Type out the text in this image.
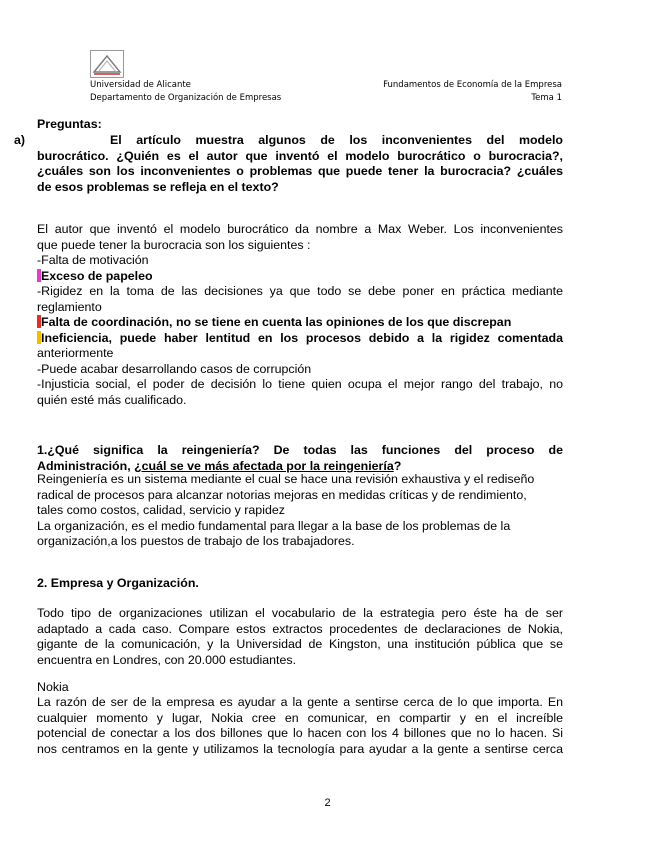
Universidad de Alicante
Departamento de Organización de Empresas
Fundamentos de Economía de la Empresa
Tema 1
Preguntas:
a)	El artículo muestra algunos de los inconvenientes del modelo
burocrático. ¿Quién es el autor que inventó el modelo burocrático o burocracia?,
¿cuáles son los inconvenientes o problemas que puede tener la burocracia? ¿cuáles
de esos problemas se refleja en el texto?
El autor que inventó el modelo burocrático da nombre a Max Weber. Los inconvenientes
que puede tener la burocracia son los siguientes :
-Falta de motivación
Exceso de papeleo
-Rigidez en la toma de las decisiones ya que todo se debe poner en práctica mediante
reglamiento
Falta de coordinación, no se tiene en cuenta las opiniones de los que discrepan
Ineficiencia, puede haber lentitud en los procesos debido a la rigidez comentada
anteriormente
-Puede acabar desarrollando casos de corrupción
-Injusticia social, el poder de decisión lo tiene quien ocupa el mejor rango del trabajo, no
quién esté más cualificado.
1.¿Qué significa la reingeniería? De todas las funciones del proceso de
Administración, ¿cuál se ve más afectada por la reingeniería?
Reingeniería es un sistema mediante el cual se hace una revisión exhaustiva y el rediseño
radical de procesos para alcanzar notorias mejoras en medidas críticas y de rendimiento,
tales como costos, calidad, servicio y rapidez
La organización, es el medio fundamental para llegar a la base de los problemas de la
organización,a los puestos de trabajo de los trabajadores.
2. Empresa y Organización.
Todo tipo de organizaciones utilizan el vocabulario de la estrategia pero éste ha de ser
adaptado a cada caso. Compare estos extractos procedentes de declaraciones de Nokia,
gigante de la comunicación, y la Universidad de Kingston, una institución pública que se
encuentra en Londres, con 20.000 estudiantes.
Nokia
La razón de ser de la empresa es ayudar a la gente a sentirse cerca de lo que importa. En
cualquier momento y lugar, Nokia cree en comunicar, en compartir y en el increíble
potencial de conectar a los dos billones que lo hacen con los 4 billones que no lo hacen. Si
nos centramos en la gente y utilizamos la tecnología para ayudar a la gente a sentirse cerca
2
